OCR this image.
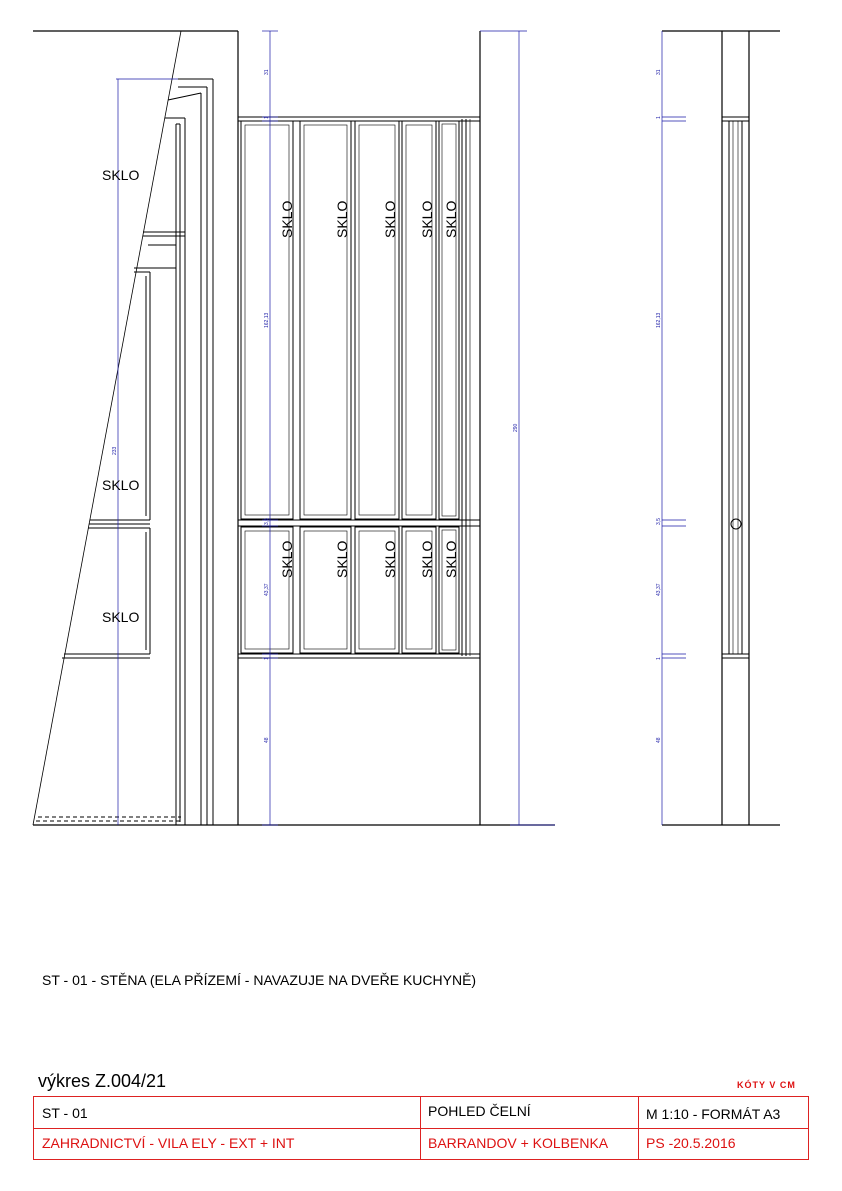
31
1
162,13
3,5
43,37
1
48
290
233
31
1
162,13
3,5
43,37
1
48
SKLO	SKLO SKLO SKLO SKLO
SKLO	SKLO SKLO SKLO SKLO
SKLO
SKLO
SKLO
ST - 01 - STĚNA (ELA PŘÍZEMÍ - NAVAZUJE NA DVEŘE KUCHYNĚ)
výkres Z.004/21	KÓTY V CM
ST - 01	POHLED ČELNÍ	M 1:10 - FORMÁT A3
ZAHRADNICTVÍ - VILA ELY - EXT + INT	BARRANDOV + KOLBENKA	PS -20.5.2016
